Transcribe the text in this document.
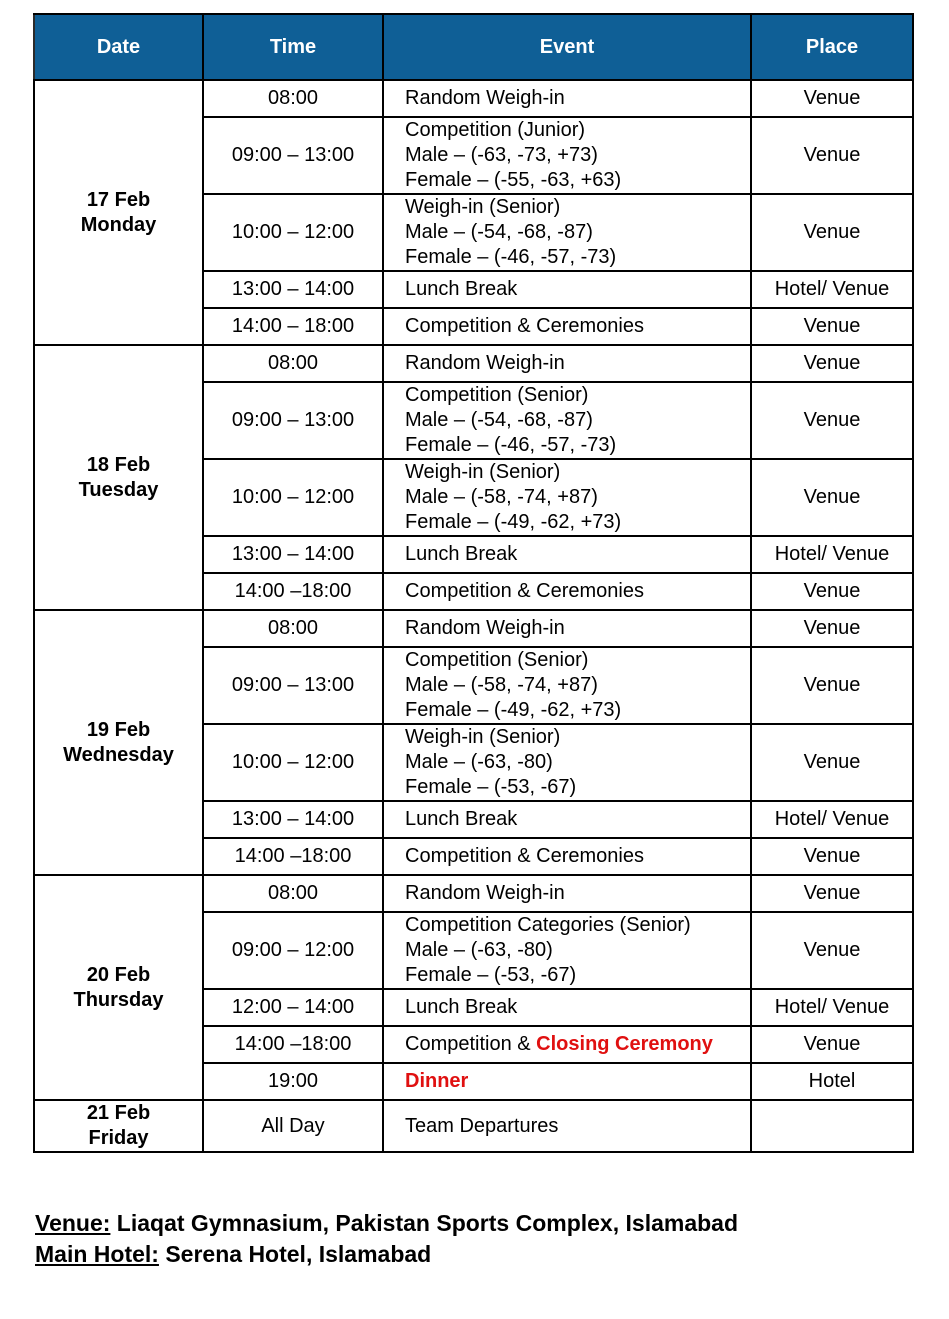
Date	Time	Event	Place

17 Feb
Monday	08:00	Random Weigh-in	Venue
	09:00 – 13:00	Competition (Junior)
Male – (-63, -73, +73)
Female – (-55, -63, +63)	Venue
	10:00 – 12:00	Weigh-in (Senior)
Male – (-54, -68, -87)
Female – (-46, -57, -73)	Venue
	13:00 – 14:00	Lunch Break	Hotel/ Venue
	14:00 – 18:00	Competition & Ceremonies	Venue

18 Feb
Tuesday	08:00	Random Weigh-in	Venue
	09:00 – 13:00	Competition (Senior)
Male – (-54, -68, -87)
Female – (-46, -57, -73)	Venue
	10:00 – 12:00	Weigh-in (Senior)
Male – (-58, -74, +87)
Female – (-49, -62, +73)	Venue
	13:00 – 14:00	Lunch Break	Hotel/ Venue
	14:00 –18:00	Competition & Ceremonies	Venue

19 Feb
Wednesday	08:00	Random Weigh-in	Venue
	09:00 – 13:00	Competition (Senior)
Male – (-58, -74, +87)
Female – (-49, -62, +73)	Venue
	10:00 – 12:00	Weigh-in (Senior)
Male – (-63, -80)
Female – (-53, -67)	Venue
	13:00 – 14:00	Lunch Break	Hotel/ Venue
	14:00 –18:00	Competition & Ceremonies	Venue

20 Feb
Thursday	08:00	Random Weigh-in	Venue
	09:00 – 12:00	Competition Categories (Senior)
Male – (-63, -80)
Female – (-53, -67)	Venue
	12:00 – 14:00	Lunch Break	Hotel/ Venue
	14:00 –18:00	Competition & Closing Ceremony	Venue
	19:00	Dinner	Hotel

21 Feb
Friday	All Day	Team Departures	

Venue: Liaqat Gymnasium, Pakistan Sports Complex, Islamabad
Main Hotel: Serena Hotel, Islamabad
